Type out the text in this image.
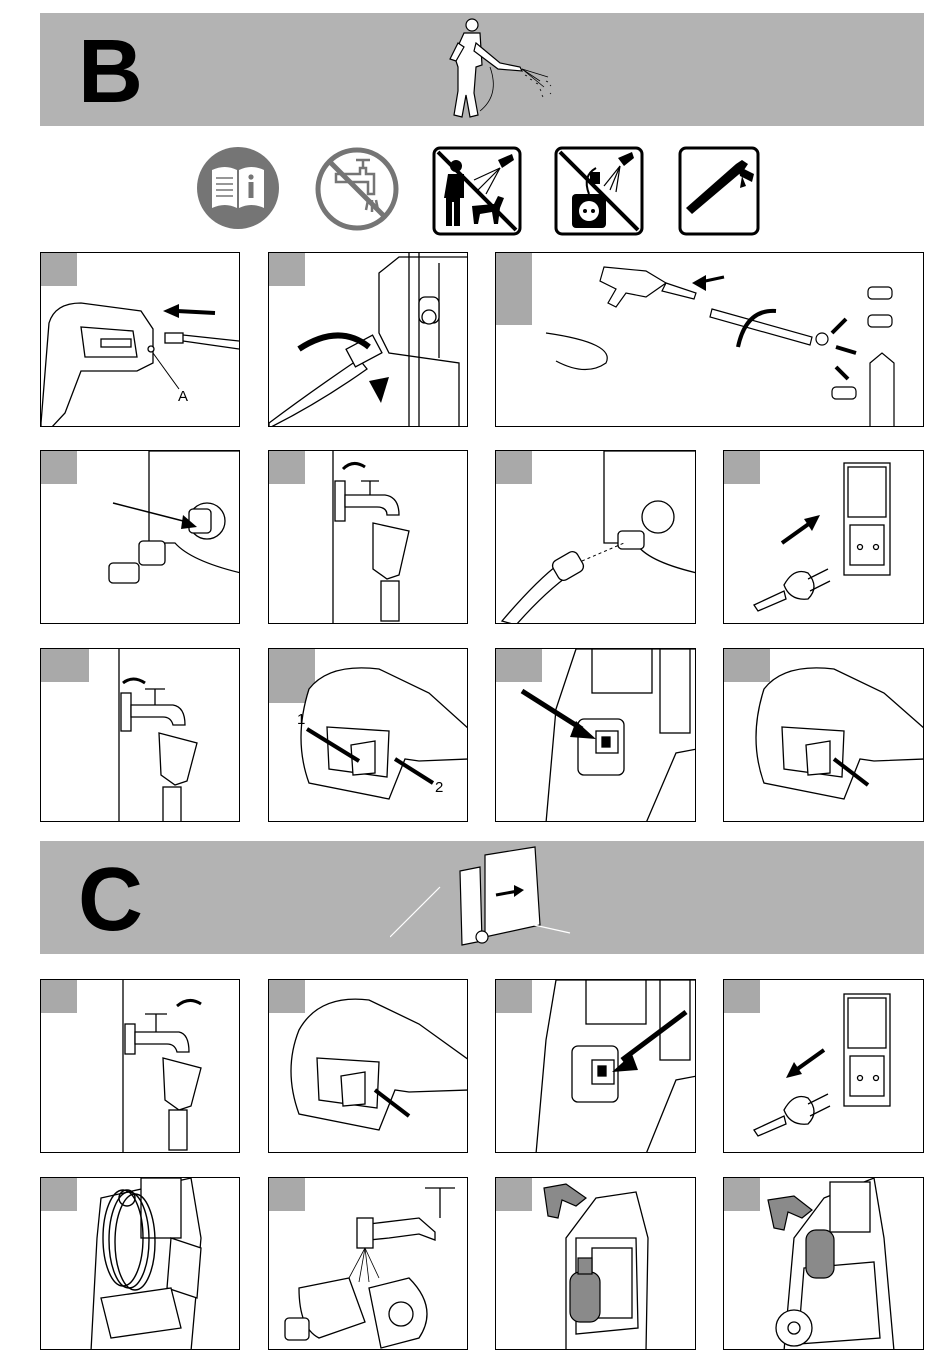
B
A
1
2
C
